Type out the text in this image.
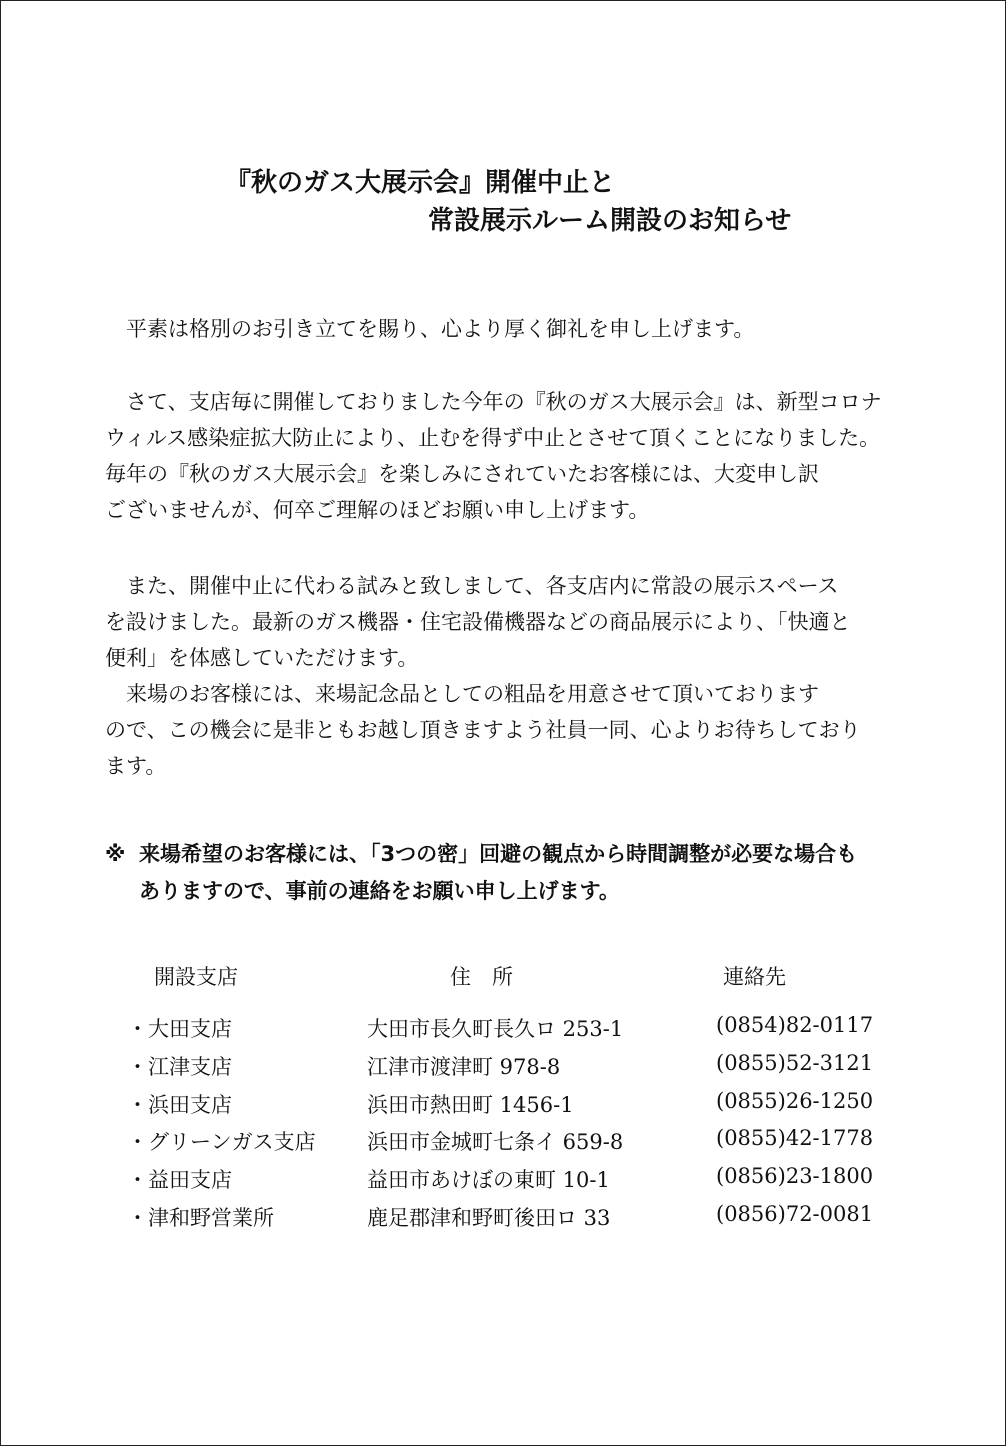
『秋のガス大展示会』開催中止と
常設展示ルーム開設のお知らせ
　平素は格別のお引き立てを賜り、心より厚く御礼を申し上げます。
　さて、支店毎に開催しておりました今年の『秋のガス大展示会』は、新型コロナ
ウィルス感染症拡大防止により、止むを得ず中止とさせて頂くことになりました。
毎年の『秋のガス大展示会』を楽しみにされていたお客様には、大変申し訳
ございませんが、何卒ご理解のほどお願い申し上げます。
　また、開催中止に代わる試みと致しまして、各支店内に常設の展示スペース
を設けました。最新のガス機器・住宅設備機器などの商品展示により、「快適と
便利」を体感していただけます。
　来場のお客様には、来場記念品としての粗品を用意させて頂いております
ので、この機会に是非ともお越し頂きますよう社員一同、心よりお待ちしており
ます。
※ 来場希望のお客様には、「3つの密」回避の観点から時間調整が必要な場合も
ありますので、事前の連絡をお願い申し上げます。
開設支店	住　所	連絡先
・大田支店	大田市長久町長久ロ 253-1	(0854)82-0117
・江津支店	江津市渡津町 978-8	(0855)52-3121
・浜田支店	浜田市熱田町 1456-1	(0855)26-1250
・グリーンガス支店 浜田市金城町七条イ 659-8	(0855)42-1778
・益田支店	益田市あけぼの東町 10-1	(0856)23-1800
・津和野営業所	鹿足郡津和野町後田ロ 33	(0856)72-0081
